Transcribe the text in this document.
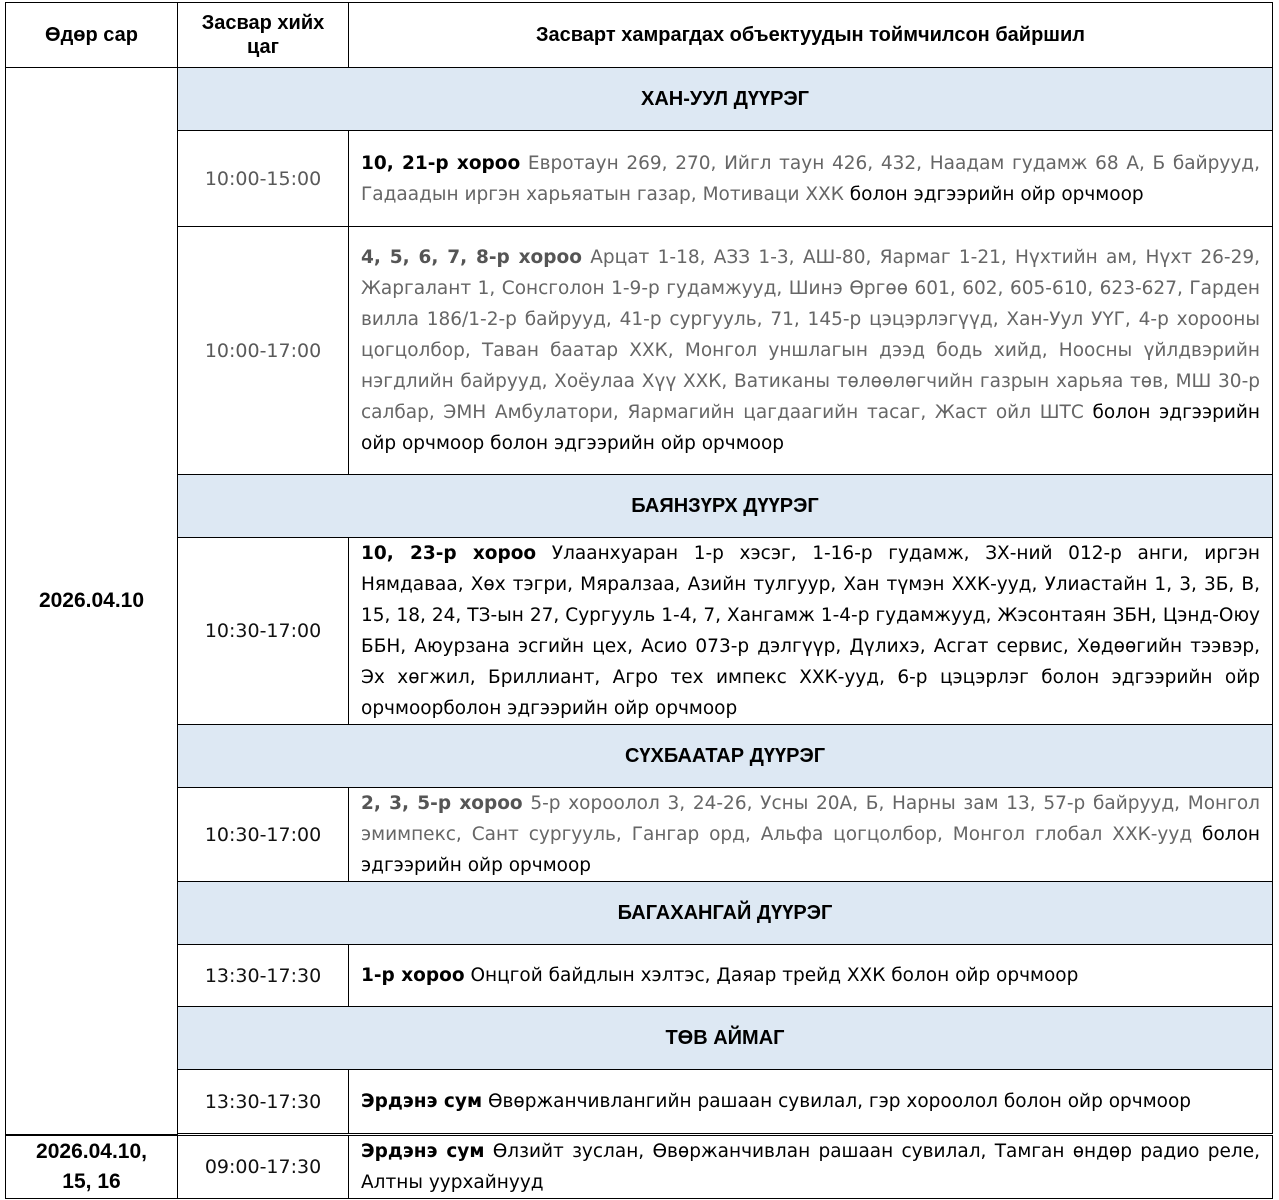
Өдөр сар	Засвар хийх цаг	Засварт хамрагдах объектуудын тоймчилсон байршил
2026.04.10	ХАН-УУЛ ДҮҮРЭГ	
	10:00-15:00	10, 21-р хороо Евротаун 269, 270, Ийгл таун 426, 432, Наадам гудамж 68 А, Б байрууд, Гадаадын иргэн харьяатын газар, Мотиваци ХХК болон эдгээрийн ойр орчмоор
	10:00-17:00	4, 5, 6, 7, 8-р хороо Арцат 1-18, АЗЗ 1-3, АШ-80, Яармаг 1-21, Нүхтийн ам, Нүхт 26-29, Жаргалант 1, Сонсголон 1-9-р гудамжууд, Шинэ Өргөө 601, 602, 605-610, 623-627, Гарден вилла 186/1-2-р байрууд, 41-р сургууль, 71, 145-р цэцэрлэгүүд, Хан-Уул УҮГ, 4-р хорооны цогцолбор, Таван баатар ХХК, Монгол уншлагын дээд бодь хийд, Ноосны үйлдвэрийн нэгдлийн байрууд, Хоёулаа Хүү ХХК, Ватиканы төлөөлөгчийн газрын харьяа төв, МШ 30-р салбар, ЭМН Амбулатори, Яармагийн цагдаагийн тасаг, Жаст ойл ШТС болон эдгээрийн ойр орчмоор болон эдгээрийн ойр орчмоор
	БАЯНЗҮРХ ДҮҮРЭГ	
	10:30-17:00	10, 23-р хороо Улаанхуаран 1-р хэсэг, 1-16-р гудамж, ЗХ-ний 012-р анги, иргэн Нямдаваа, Хөх тэгри, Мяралзаа, Азийн тулгуур, Хан түмэн ХХК-ууд, Улиастайн 1, 3, 3Б, В, 15, 18, 24, ТЗ-ын 27, Сургууль 1-4, 7, Хангамж 1-4-р гудамжууд, Жэсонтаян ЗБН, Цэнд-Оюу ББН, Аюурзана эсгийн цех, Асио 073-р дэлгүүр, Дүлихэ, Асгат сервис, Хөдөөгийн тээвэр, Эх хөгжил, Бриллиант, Агро тех импекс ХХК-ууд, 6-р цэцэрлэг болон эдгээрийн ойр орчмоорболон эдгээрийн ойр орчмоор
	СҮХБААТАР ДҮҮРЭГ	
	10:30-17:00	2, 3, 5-р хороо 5-р хороолол 3, 24-26, Усны 20А, Б, Нарны зам 13, 57-р байрууд, Монгол эмимпекс, Сант сургууль, Гангар орд, Альфа цогцолбор, Монгол глобал ХХК-ууд болон эдгээрийн ойр орчмоор
	БАГАХАНГАЙ ДҮҮРЭГ	
	13:30-17:30	1-р хороо Онцгой байдлын хэлтэс, Даяар трейд ХХК болон ойр орчмоор
	ТӨВ АЙМАГ	
	13:30-17:30	Эрдэнэ сум Өвөржанчивлангийн рашаан сувилал, гэр хороолол болон ойр орчмоор

2026.04.10, 15, 16	09:00-17:30	Эрдэнэ сум Өлзийт зуслан, Өвөржанчивлан рашаан сувилал, Тамган өндөр радио реле, Алтны уурхайнууд
